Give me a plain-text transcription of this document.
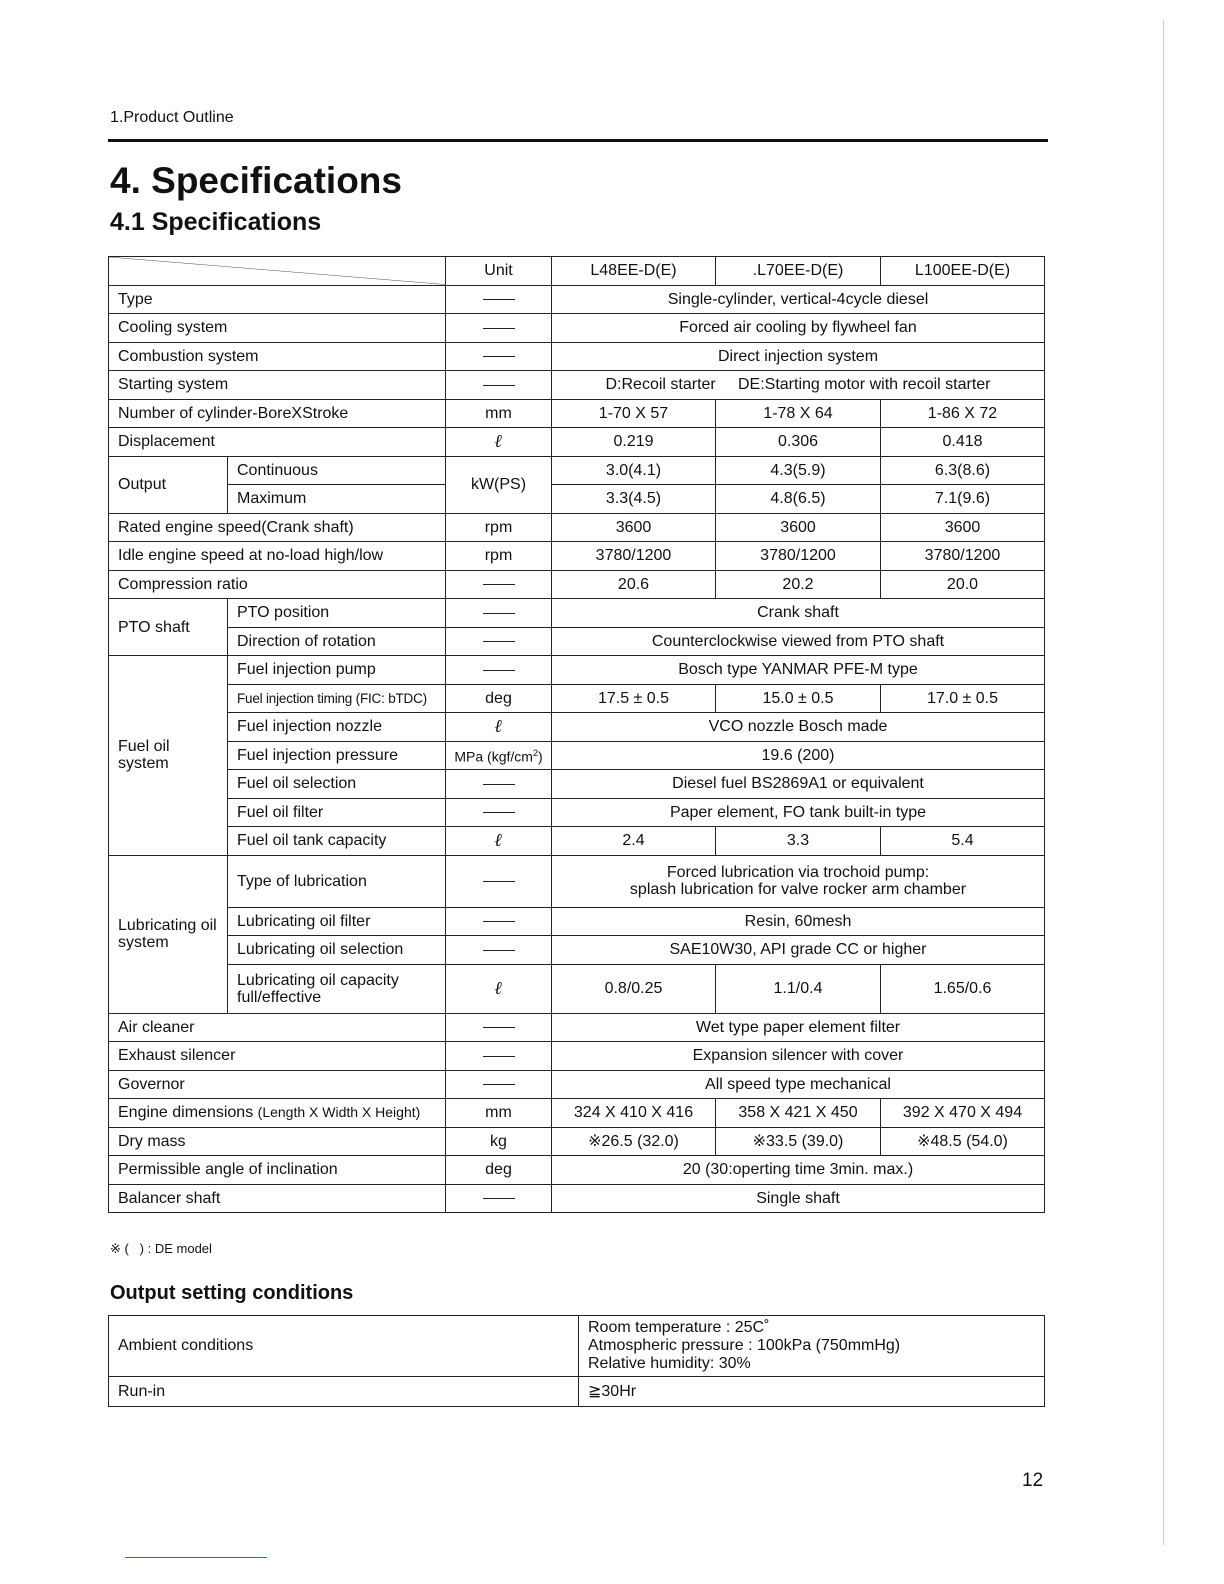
1.Product Outline
4. Specifications
4.1 Specifications
	Unit	L48EE-D(E)	.L70EE-D(E)	L100EE-D(E)
Type			Single-cylinder, vertical-4cycle diesel		
Cooling system			Forced air cooling by flywheel fan		
Combustion system			Direct injection system		
Starting system			D:Recoil starter     DE:Starting motor with recoil starter		
Number of cylinder-BoreXStroke		mm	1-70 X 57	1-78 X 64	1-86 X 72
Displacement		ℓ	0.219	0.306	0.418
Output	Continuous	kW(PS)	3.0(4.1)	4.3(5.9)	6.3(8.6)
	Maximum		3.3(4.5)	4.8(6.5)	7.1(9.6)
Rated engine speed(Crank shaft)		rpm	3600	3600	3600
Idle engine speed at no-load high/low		rpm	3780/1200	3780/1200	3780/1200
Compression ratio			20.6	20.2	20.0
PTO shaft	PTO position		Crank shaft		
	Direction of rotation		Counterclockwise viewed from PTO shaft		
Fuel oil system	Fuel injection pump		Bosch type YANMAR PFE-M type		
	Fuel injection timing (FIC: bTDC)	deg	17.5 ± 0.5	15.0 ± 0.5	17.0 ± 0.5
	Fuel injection nozzle	ℓ	VCO nozzle Bosch made		
	Fuel injection pressure	MPa $(kgf/cm^2)$	19.6 (200)		
	Fuel oil selection		Diesel fuel BS2869A1 or equivalent		
	Fuel oil filter		Paper element, FO tank built-in type		
	Fuel oil tank capacity	ℓ	2.4	3.3	5.4
Lubricating oil system	Type of lubrication		Forced lubrication via trochoid pump:
splash lubrication for valve rocker arm chamber		

	Lubricating oil filter		Resin, 60mesh		
	Lubricating oil selection		SAE10W30, API grade CC or higher		

	Lubricating oil capacity
full/effective	ℓ	0.8/0.25	1.1/0.4	1.65/0.6
Air cleaner			Wet type paper element filter		
Exhaust silencer			Expansion silencer with cover		
Governor			All speed type mechanical		
Engine dimensions (Length X Width X Height)		mm	324 X 410 X 416	358 X 421 X 450	392 X 470 X 494
Dry mass		kg	※26.5 (32.0)	※33.5 (39.0)	※48.5 (54.0)
Permissible angle of inclination		deg	20 (30:operting time 3min. max.)		
Balancer shaft			Single shaft		
※ (   ) : DE model
Output setting conditions
Ambient conditions	Room temperature : 25C˚
Atmospheric pressure : 100kPa (750mmHg)
Relative humidity: 30%

Run-in	≧30Hr
12
